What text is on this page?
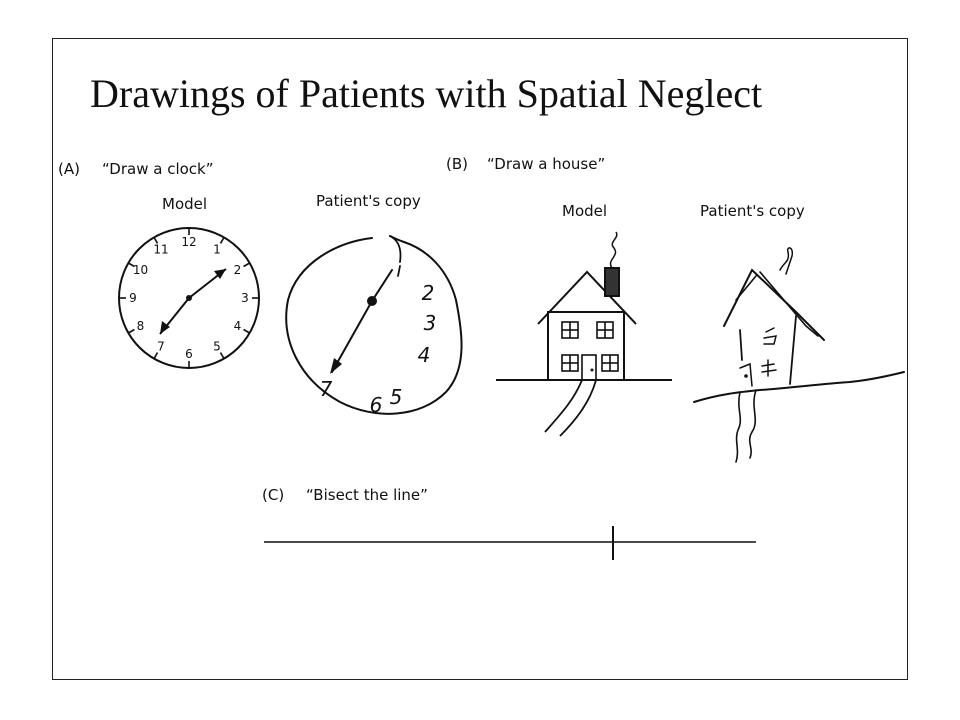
Drawings of Patients with Spatial Neglect
(A) “Draw a clock”
Model	Patient's copy
(B) “Draw a house”
Model	Patient's copy
(C) “Bisect the line”
12
1
2
3
4
5
6
7
8
9
10
11
2
3
4
5
6
7
